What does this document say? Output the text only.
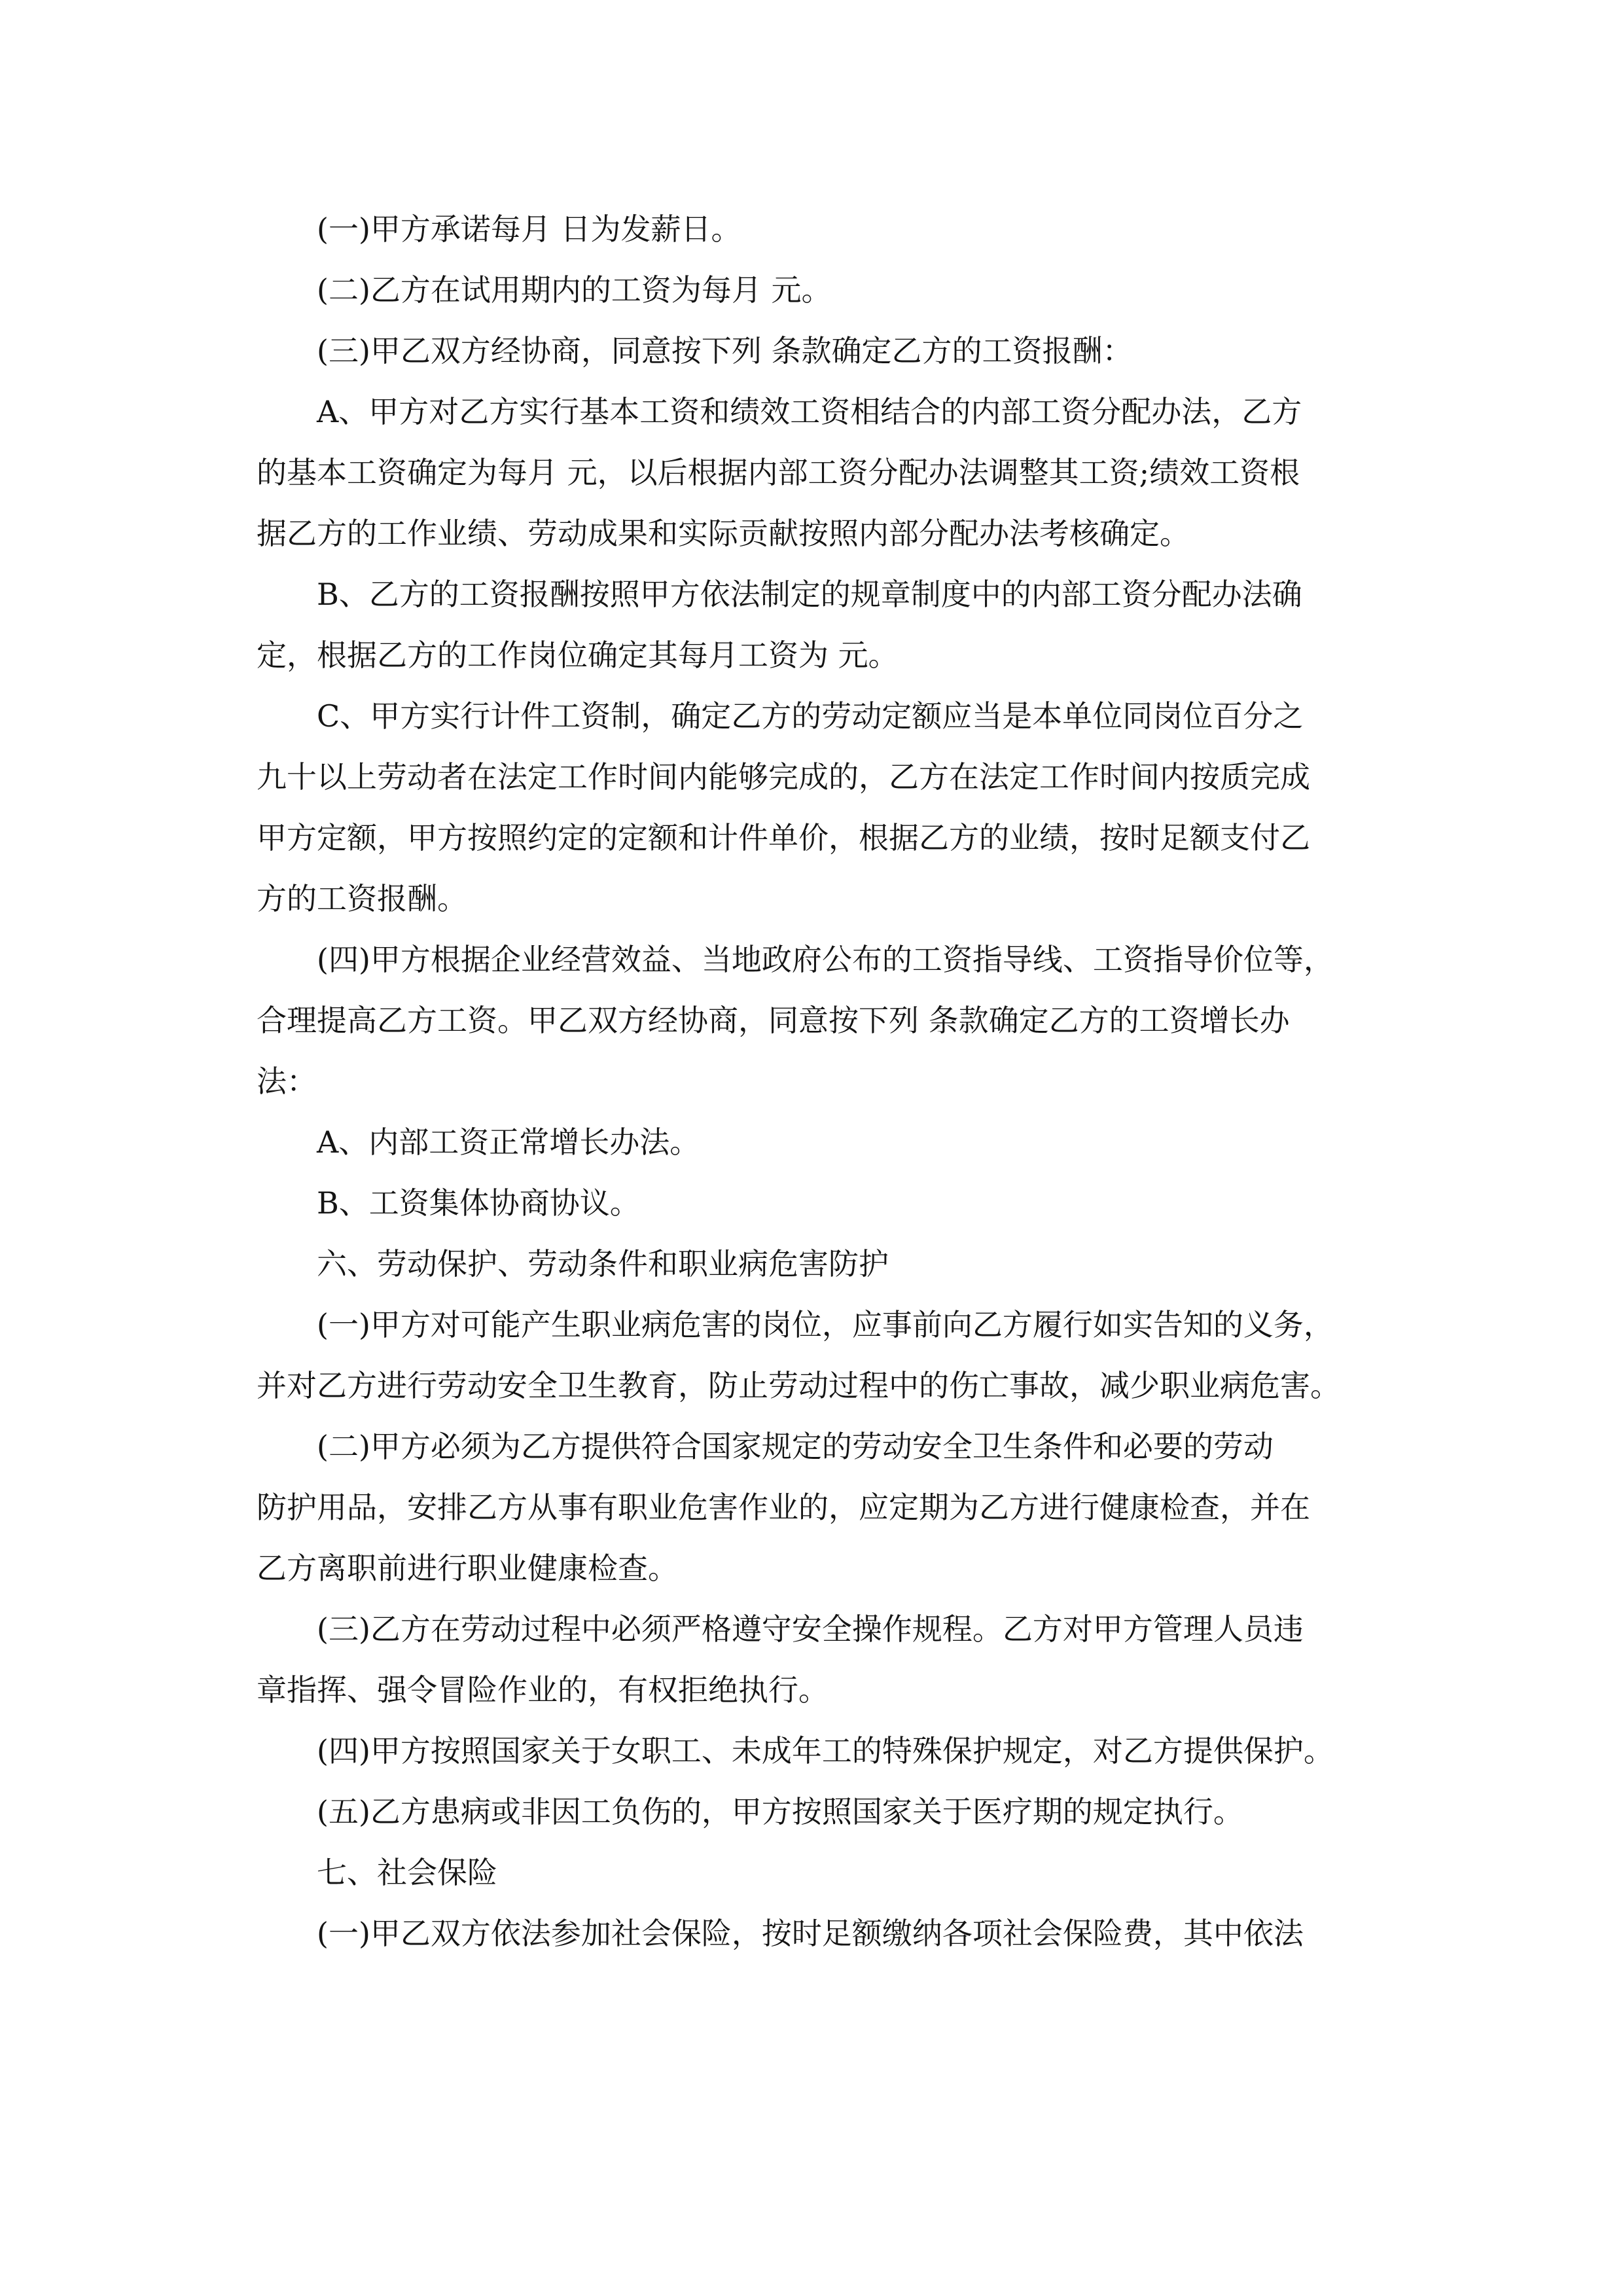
(一)甲方承诺每月 日为发薪日。

(二)乙方在试用期内的工资为每月 元。

(三)甲乙双方经协商，同意按下列 条款确定乙方的工资报酬：

A、甲方对乙方实行基本工资和绩效工资相结合的内部工资分配办法，乙方

的基本工资确定为每月 元，以后根据内部工资分配办法调整其工资;绩效工资根

据乙方的工作业绩、劳动成果和实际贡献按照内部分配办法考核确定。

B、乙方的工资报酬按照甲方依法制定的规章制度中的内部工资分配办法确

定，根据乙方的工作岗位确定其每月工资为 元。

C、甲方实行计件工资制，确定乙方的劳动定额应当是本单位同岗位百分之

九十以上劳动者在法定工作时间内能够完成的，乙方在法定工作时间内按质完成

甲方定额，甲方按照约定的定额和计件单价，根据乙方的业绩，按时足额支付乙

方的工资报酬。

(四)甲方根据企业经营效益、当地政府公布的工资指导线、工资指导价位等，

合理提高乙方工资。甲乙双方经协商，同意按下列 条款确定乙方的工资增长办

法：

A、内部工资正常增长办法。

B、工资集体协商协议。

六、劳动保护、劳动条件和职业病危害防护

(一)甲方对可能产生职业病危害的岗位，应事前向乙方履行如实告知的义务，

并对乙方进行劳动安全卫生教育，防止劳动过程中的伤亡事故，减少职业病危害。

(二)甲方必须为乙方提供符合国家规定的劳动安全卫生条件和必要的劳动

防护用品，安排乙方从事有职业危害作业的，应定期为乙方进行健康检查，并在

乙方离职前进行职业健康检查。

(三)乙方在劳动过程中必须严格遵守安全操作规程。乙方对甲方管理人员违

章指挥、强令冒险作业的，有权拒绝执行。

(四)甲方按照国家关于女职工、未成年工的特殊保护规定，对乙方提供保护。

(五)乙方患病或非因工负伤的，甲方按照国家关于医疗期的规定执行。

七、社会保险

(一)甲乙双方依法参加社会保险，按时足额缴纳各项社会保险费，其中依法
